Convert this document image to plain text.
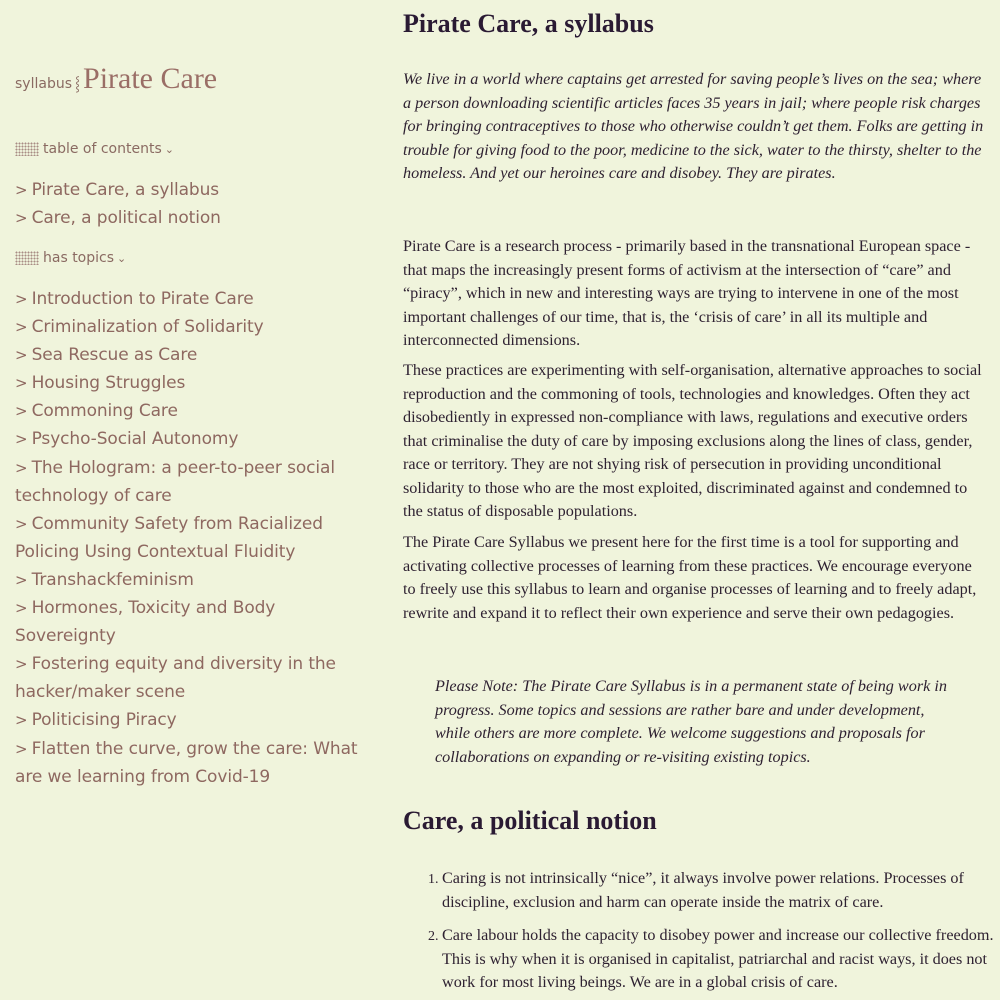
syllabus ⸾ Pirate Care
table of contents ⌄
> Pirate Care, a syllabus
> Care, a political notion
has topics ⌄
> Introduction to Pirate Care
> Criminalization of Solidarity
> Sea Rescue as Care
> Housing Struggles
> Commoning Care
> Psycho-Social Autonomy
> The Hologram: a peer-to-peer social technology of care
> Community Safety from Racialized Policing Using Contextual Fluidity
> Transhackfeminism
> Hormones, Toxicity and Body Sovereignty
> Fostering equity and diversity in the hacker/maker scene
> Politicising Piracy
> Flatten the curve, grow the care: What are we learning from Covid-19
Pirate Care, a syllabus

We live in a world where captains get arrested for saving people’s lives on the sea; where a person downloading scientific articles faces 35 years in jail; where people risk charges for bringing contraceptives to those who otherwise couldn’t get them. Folks are getting in trouble for giving food to the poor, medicine to the sick, water to the thirsty, shelter to the homeless. And yet our heroines care and disobey. They are pirates.

Pirate Care is a research process - primarily based in the transnational European space - that maps the increasingly present forms of activism at the intersection of “care” and “piracy”, which in new and interesting ways are trying to intervene in one of the most important challenges of our time, that is, the ‘crisis of care’ in all its multiple and interconnected dimensions.

These practices are experimenting with self-organisation, alternative approaches to social reproduction and the commoning of tools, technologies and knowledges. Often they act disobediently in expressed non-compliance with laws, regulations and executive orders that criminalise the duty of care by imposing exclusions along the lines of class, gender, race or territory. They are not shying risk of persecution in providing unconditional solidarity to those who are the most exploited, discriminated against and condemned to the status of disposable populations.

The Pirate Care Syllabus we present here for the first time is a tool for supporting and activating collective processes of learning from these practices. We encourage everyone to freely use this syllabus to learn and organise processes of learning and to freely adapt, rewrite and expand it to reflect their own experience and serve their own pedagogies.

Please Note: The Pirate Care Syllabus is in a permanent state of being work in progress. Some topics and sessions are rather bare and under development, while others are more complete. We welcome suggestions and proposals for collaborations on expanding or re-visiting existing topics.

Care, a political notion
1. Caring is not intrinsically “nice”, it always involve power relations. Processes of discipline, exclusion and harm can operate inside the matrix of care.
2. Care labour holds the capacity to disobey power and increase our collective freedom. This is why when it is organised in capitalist, patriarchal and racist ways, it does not work for most living beings. We are in a global crisis of care.
